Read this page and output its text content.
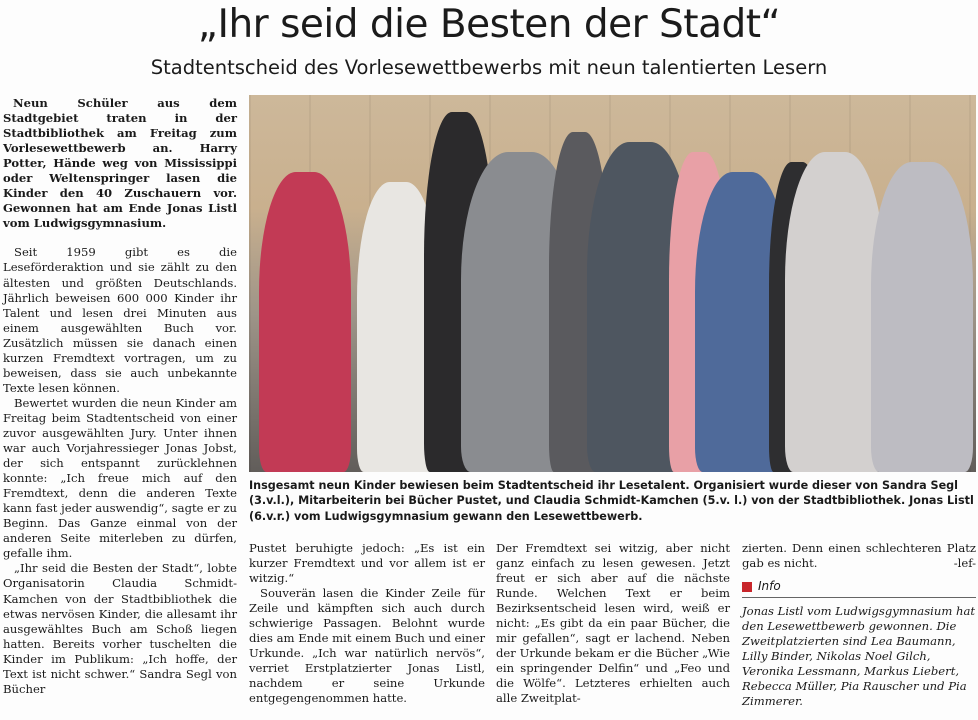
„Ihr seid die Besten der Stadt“
Stadtentscheid des Vorlesewettbewerbs mit neun talentierten Lesern

Neun Schüler aus dem Stadtgebiet traten in der Stadtbibliothek am Freitag zum Vorlesewettbewerb an. Harry Potter, Hände weg von Mississippi oder Weltenspringer lasen die Kinder den 40 Zuschauern vor. Gewonnen hat am Ende Jonas Listl vom Ludwigsgymnasium.

Seit 1959 gibt es die Leseförderaktion und sie zählt zu den ältesten und größten Deutschlands. Jährlich beweisen 600 000 Kinder ihr Talent und lesen drei Minuten aus einem ausgewählten Buch vor. Zusätzlich müssen sie danach einen kurzen Fremdtext vortragen, um zu beweisen, dass sie auch unbekannte Texte lesen können.

Bewertet wurden die neun Kinder am Freitag beim Stadtentscheid von einer zuvor ausgewählten Jury. Unter ihnen war auch Vorjahressieger Jonas Jobst, der sich entspannt zurücklehnen konnte: „Ich freue mich auf den Fremdtext, denn die anderen Texte kann fast jeder auswendig“, sagte er zu Beginn. Das Ganze einmal von der anderen Seite miterleben zu dürfen, gefalle ihm.

„Ihr seid die Besten der Stadt“, lobte Organisatorin Claudia Schmidt-Kamchen von der Stadtbibliothek die etwas nervösen Kinder, die allesamt ihr ausgewähltes Buch am Schoß liegen hatten. Bereits vorher tuschelten die Kinder im Publikum: „Ich hoffe, der Text ist nicht schwer.“ Sandra Segl von Bücher

Insgesamt neun Kinder bewiesen beim Stadtentscheid ihr Lesetalent. Organisiert wurde dieser von Sandra Segl (3.v.l.), Mitarbeiterin bei Bücher Pustet, und Claudia Schmidt-Kamchen (5.v. l.) von der Stadtbibliothek. Jonas Listl (6.v.r.) vom Ludwigsgymnasium gewann den Lesewettbewerb.

Pustet beruhigte jedoch: „Es ist ein kurzer Fremdtext und vor allem ist er witzig.“

Souverän lasen die Kinder Zeile für Zeile und kämpften sich auch durch schwierige Passagen. Belohnt wurde dies am Ende mit einem Buch und einer Urkunde. „Ich war natürlich nervös“, verriet Erstplatzierter Jonas Listl, nachdem er seine Urkunde entgegengenommen hatte.

Der Fremdtext sei witzig, aber nicht ganz einfach zu lesen gewesen. Jetzt freut er sich aber auf die nächste Runde. Welchen Text er beim Bezirksentscheid lesen wird, weiß er nicht: „Es gibt da ein paar Bücher, die mir gefallen“, sagt er lachend. Neben der Urkunde bekam er die Bücher „Wie ein springender Delfin“ und „Feo und die Wölfe“. Letzteres erhielten auch alle Zweitplat-

zierten. Denn einen schlechteren Platz gab es nicht.	-lef-

Info

Jonas Listl vom Ludwigsgymnasium hat den Lesewettbewerb gewonnen. Die Zweitplatzierten sind Lea Baumann, Lilly Binder, Nikolas Noel Gilch, Veronika Lessmann, Markus Liebert, Rebecca Müller, Pia Rauscher und Pia Zimmerer.
